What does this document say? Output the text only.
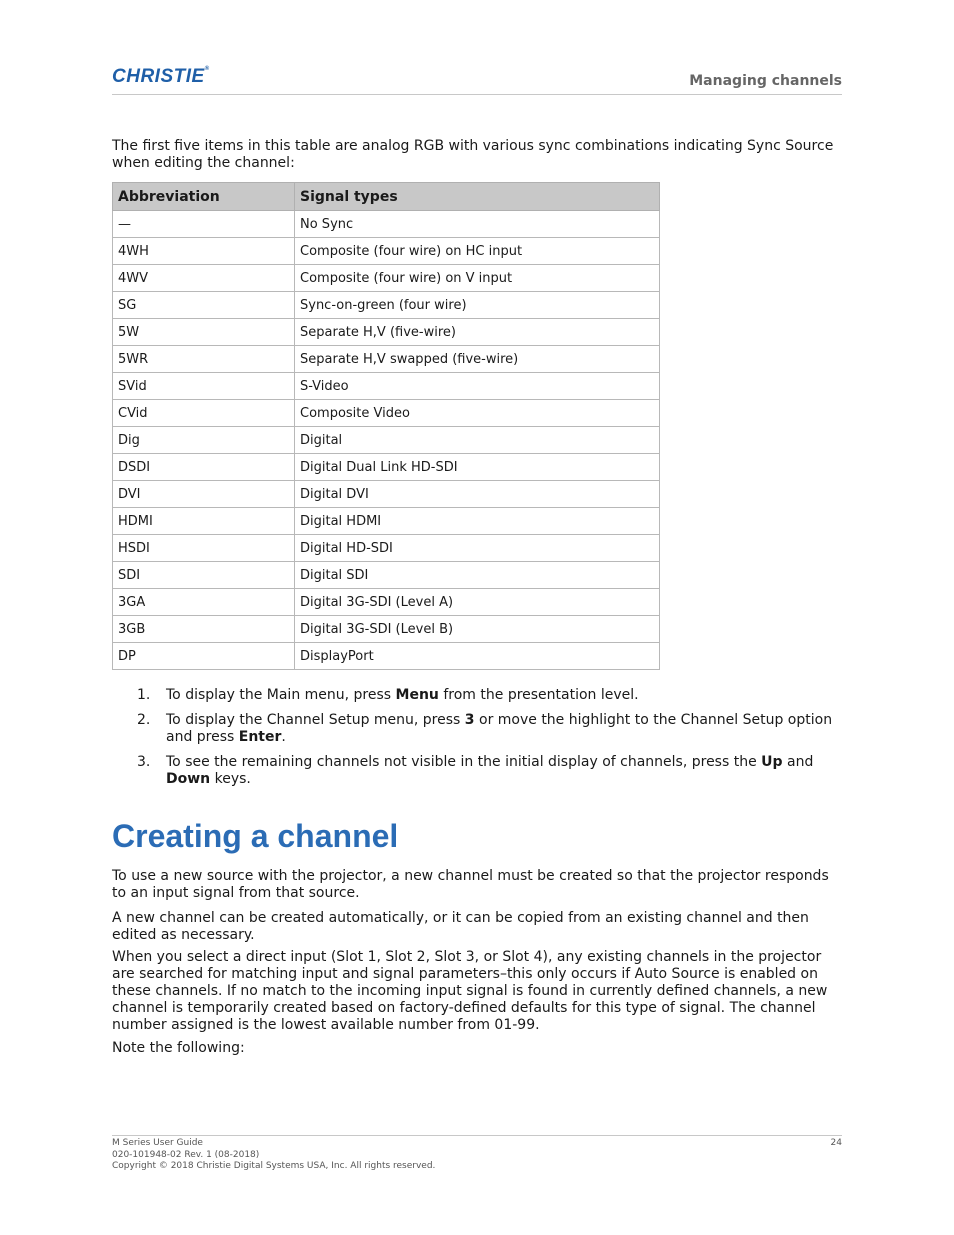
CHRISTIE®
Managing channels

The first five items in this table are analog RGB with various sync combinations indicating Sync Source when editing the channel:

Abbreviation	Signal types
—	No Sync
4WH	Composite (four wire) on HC input
4WV	Composite (four wire) on V input
SG	Sync-on-green (four wire)
5W	Separate H,V (five-wire)
5WR	Separate H,V swapped (five-wire)
SVid	S-Video
CVid	Composite Video
Dig	Digital
DSDI	Digital Dual Link HD-SDI
DVI	Digital DVI
HDMI	Digital HDMI
HSDI	Digital HD-SDI
SDI	Digital SDI
3GA	Digital 3G-SDI (Level A)
3GB	Digital 3G-SDI (Level B)
DP	DisplayPort
1. To display the Main menu, press Menu from the presentation level.
2. To display the Channel Setup menu, press 3 or move the highlight to the Channel Setup option and press Enter.
3. To see the remaining channels not visible in the initial display of channels, press the Up and Down keys.
Creating a channel

To use a new source with the projector, a new channel must be created so that the projector responds to an input signal from that source.

A new channel can be created automatically, or it can be copied from an existing channel and then edited as necessary.

When you select a direct input (Slot 1, Slot 2, Slot 3, or Slot 4), any existing channels in the projector are searched for matching input and signal parameters–this only occurs if Auto Source is enabled on these channels. If no match to the incoming input signal is found in currently defined channels, a new channel is temporarily created based on factory-defined defaults for this type of signal. The channel number assigned is the lowest available number from 01-99.

Note the following:

M Series User Guide
020-101948-02 Rev. 1 (08-2018)
Copyright © 2018 Christie Digital Systems USA, Inc. All rights reserved.
24
